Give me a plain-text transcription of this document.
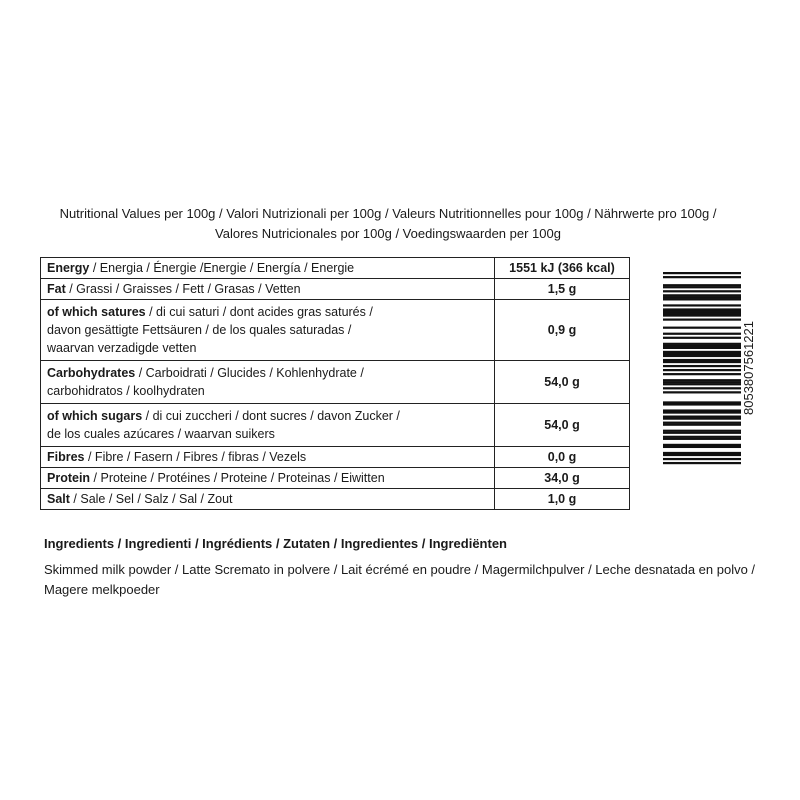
Nutritional Values per 100g / Valori Nutrizionali per 100g / Valeurs Nutritionnelles pour 100g / Nährwerte pro 100g /
Valores Nutricionales por 100g / Voedingswaarden per 100g
Energy / Energia / Énergie /Energie / Energía / Energie	1551 kJ (366 kcal)
Fat / Grassi / Graisses / Fett / Grasas / Vetten	1,5 g

of which satures / di cui saturi / dont acides gras saturés /
davon gesättigte Fettsäuren / de los quales saturadas /
waarvan verzadigde vetten	0,9 g

Carbohydrates / Carboidrati / Glucides / Kohlenhydrate /
carbohidratos / koolhydraten	54,0 g

of which sugars / di cui zuccheri / dont sucres / davon Zucker /
de los cuales azúcares / waarvan suikers	54,0 g
Fibres / Fibre / Fasern / Fibres / fibras / Vezels	0,0 g
Protein / Proteine / Protéines / Proteine / Proteinas / Eiwitten	34,0 g
Salt / Sale / Sel / Salz / Sal / Zout	1,0 g
Ingredients / Ingredienti / Ingrédients / Zutaten / Ingredientes / Ingrediënten
Skimmed milk powder / Latte Scremato in polvere / Lait écrémé en poudre / Magermilchpulver / Leche desnatada en polvo / Magere melkpoeder
8053807561221
